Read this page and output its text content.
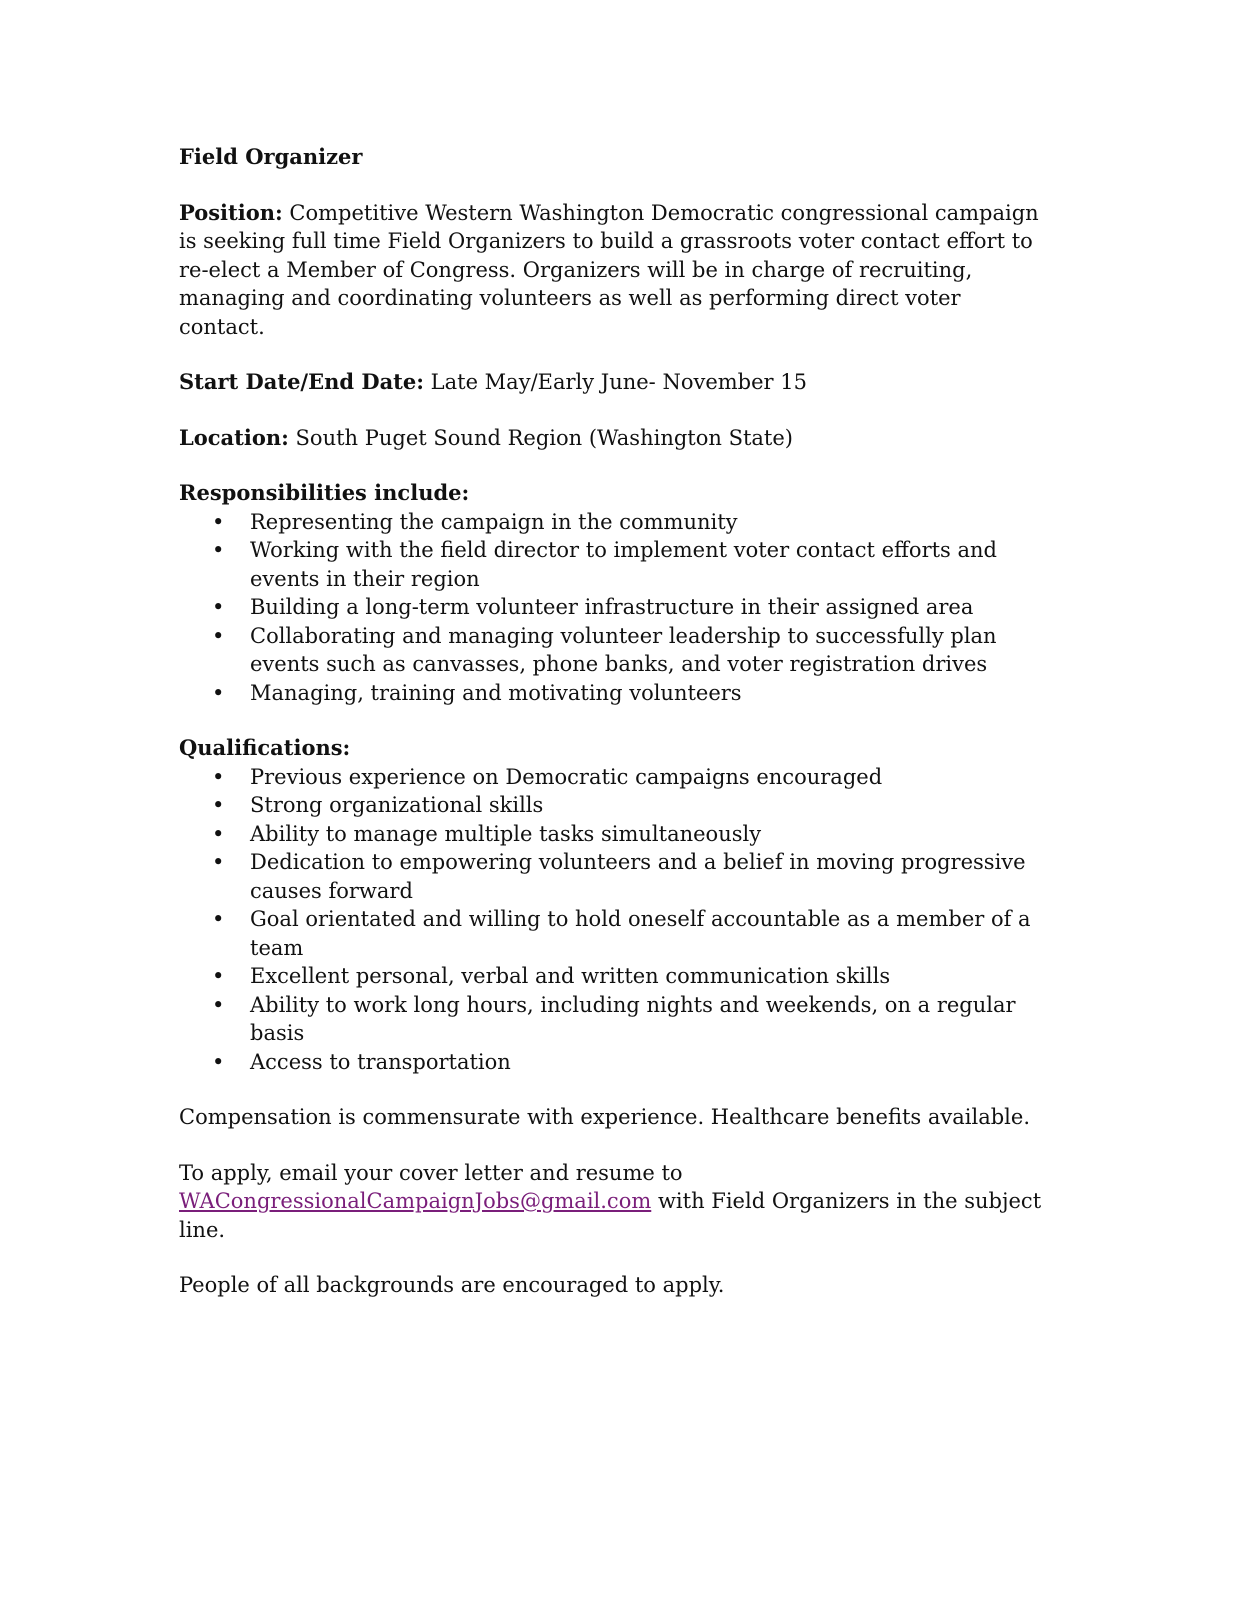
Field Organizer

Position: Competitive Western Washington Democratic congressional campaign is seeking full time Field Organizers to build a grassroots voter contact effort to re-elect a Member of Congress. Organizers will be in charge of recruiting, managing and coordinating volunteers as well as performing direct voter contact.

Start Date/End Date: Late May/Early June- November 15

Location: South Puget Sound Region (Washington State)

Responsibilities include:

• Representing the campaign in the community
• Working with the field director to implement voter contact efforts and events in their region
• Building a long-term volunteer infrastructure in their assigned area
• Collaborating and managing volunteer leadership to successfully plan events such as canvasses, phone banks, and voter registration drives
• Managing, training and motivating volunteers

Qualifications:

• Previous experience on Democratic campaigns encouraged
• Strong organizational skills
• Ability to manage multiple tasks simultaneously
• Dedication to empowering volunteers and a belief in moving progressive causes forward
• Goal orientated and willing to hold oneself accountable as a member of a team
• Excellent personal, verbal and written communication skills
• Ability to work long hours, including nights and weekends, on a regular basis
• Access to transportation

Compensation is commensurate with experience. Healthcare benefits available.

To apply, email your cover letter and resume to WACongressionalCampaignJobs@gmail.com with Field Organizers in the subject line.

People of all backgrounds are encouraged to apply.
